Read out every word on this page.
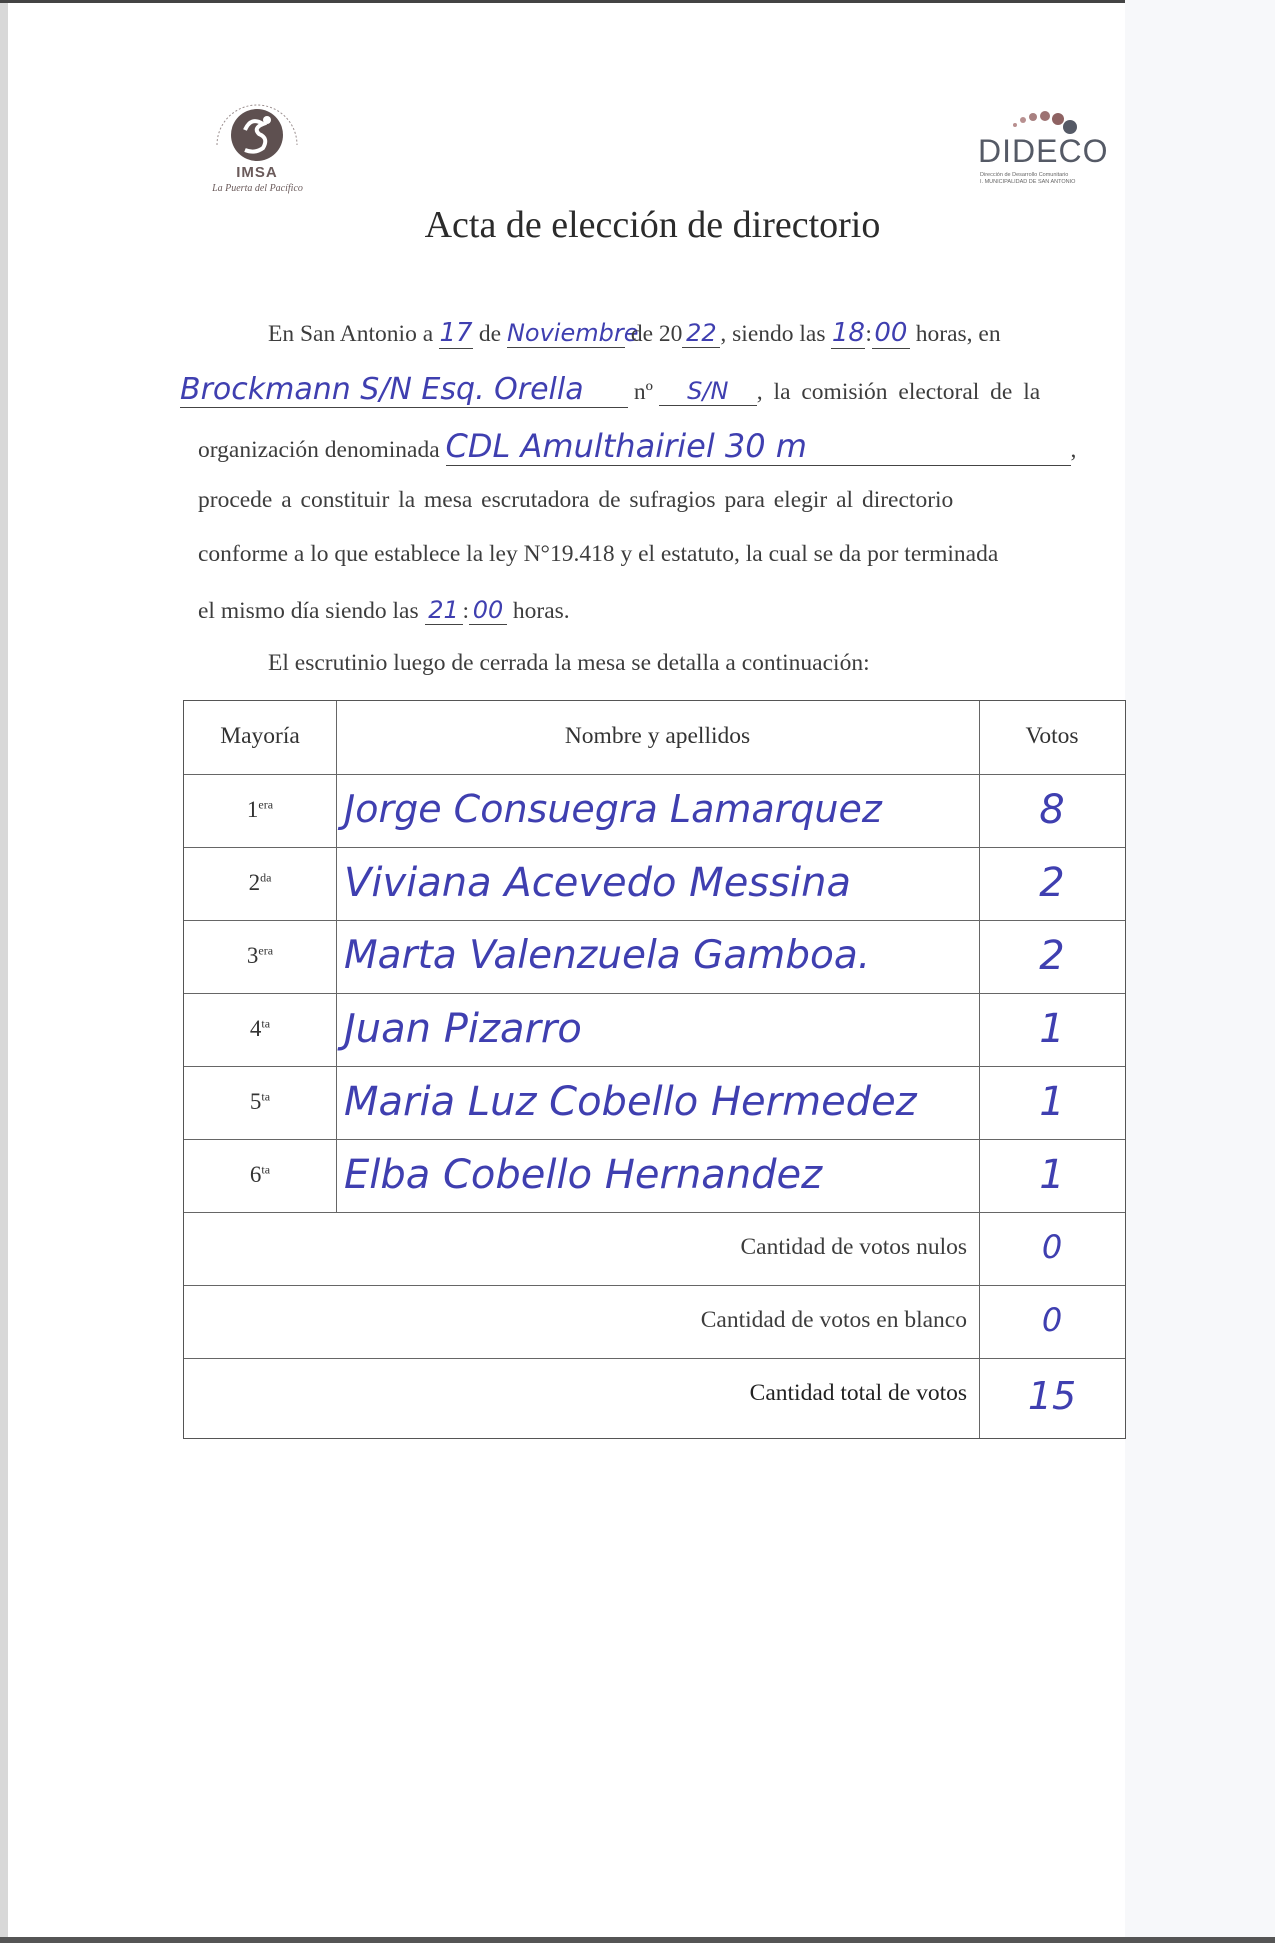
IMSA
La Puerta del Pacífico
DIDECO
Dirección de Desarrollo Comunitario
I. MUNICIPALIDAD DE SAN ANTONIO
Acta de elección de directorio
En San Antonio a 17 de Noviembre de 20 22 , siendo las 18:00 horas, en
Brockmann S/N Esq. Orella nº S/N , la comisión electoral de la
organización denominada CDL Amulthairiel 30 m	,
procede a constituir la mesa escrutadora de sufragios para elegir al directorio
conforme a lo que establece la ley N°19.418 y el estatuto, la cual se da por terminada
el mismo día siendo las 21 : 00 horas.
El escrutinio luego de cerrada la mesa se detalla a continuación:
Mayoría	Nombre y apellidos	Votos
$1^{era}$	Jorge Consuegra Lamarquez	8
$2^{da}$	Viviana Acevedo Messina	2
$3^{era}$	Marta Valenzuela Gamboa.	2
$4^{ta}$	Juan Pizarro	1
$5^{ta}$	Maria Luz Cobello Hermedez	1
$6^{ta}$	Elba Cobello Hernandez	1
Cantidad de votos nulos	0
Cantidad de votos en blanco	0
Cantidad total de votos	15
